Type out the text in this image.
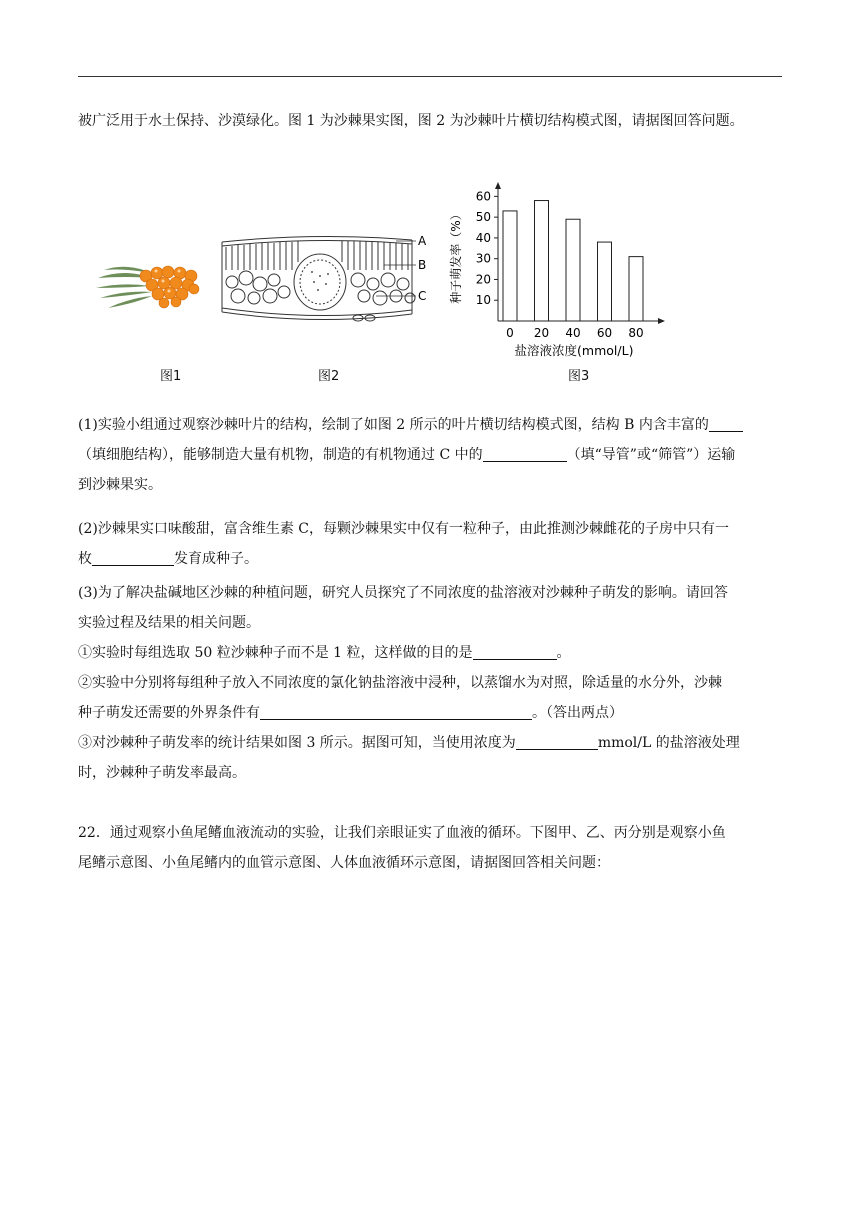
被广泛用于水土保持、沙漠绿化。图 1 为沙棘果实图，图 2 为沙棘叶片横切结构模式图，请据图回答问题。
图1
A
B
C
图2
10
20
30
40
50
60
0 20 40 60 80
种子萌发率（%）
盐溶液浓度(mmol/L)
图3
(1)实验小组通过观察沙棘叶片的结构，绘制了如图 2 所示的叶片横切结构模式图，结构 B 内含丰富的
（填细胞结构），能够制造大量有机物，制造的有机物通过 C 中的	（填“导管”或“筛管”）运输
到沙棘果实。
(2)沙棘果实口味酸甜，富含维生素 C，每颗沙棘果实中仅有一粒种子，由此推测沙棘雌花的子房中只有一
枚	发育成种子。
(3)为了解决盐碱地区沙棘的种植问题，研究人员探究了不同浓度的盐溶液对沙棘种子萌发的影响。请回答
实验过程及结果的相关问题。
①实验时每组选取 50 粒沙棘种子而不是 1 粒，这样做的目的是	。
②实验中分别将每组种子放入不同浓度的氯化钠盐溶液中浸种，以蒸馏水为对照，除适量的水分外，沙棘
种子萌发还需要的外界条件有	。（答出两点）
③对沙棘种子萌发率的统计结果如图 3 所示。据图可知，当使用浓度为	mmol/L 的盐溶液处理
时，沙棘种子萌发率最高。
22．通过观察小鱼尾鳍血液流动的实验，让我们亲眼证实了血液的循环。下图甲、乙、丙分别是观察小鱼
尾鳍示意图、小鱼尾鳍内的血管示意图、人体血液循环示意图，请据图回答相关问题：
